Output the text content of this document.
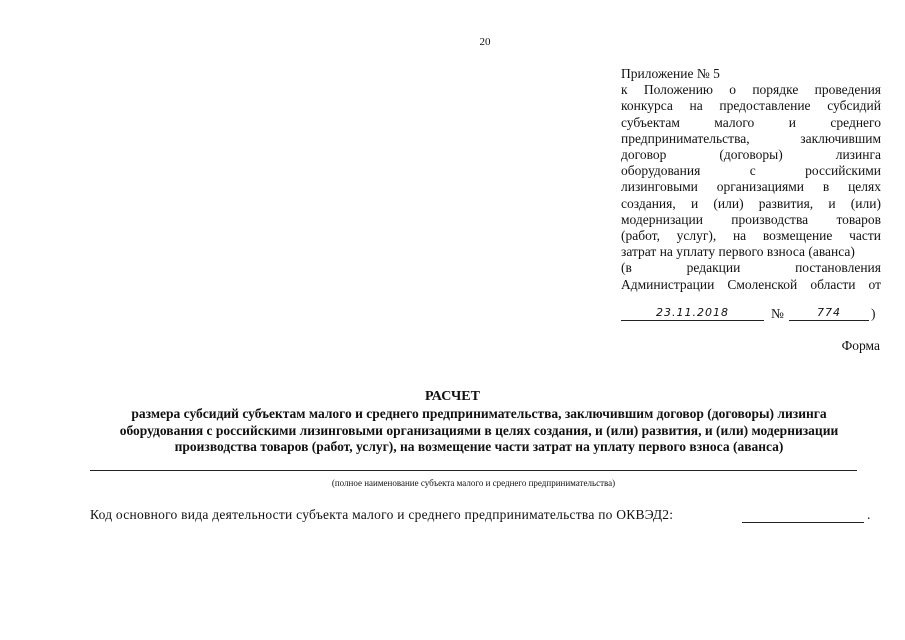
20
Приложение № 5
к Положению о порядке проведения
конкурса на предоставление субсидий
субъектам малого и среднего
предпринимательства, заключившим
договор (договоры) лизинга
оборудования с российскими
лизинговыми организациями в целях
создания, и (или) развития, и (или)
модернизации производства товаров
(работ, услуг), на возмещение части
затрат на уплату первого взноса (аванса)
(в редакции постановления
Администрации Смоленской области от
23.11.2018	№	774	)
Форма
РАСЧЕТ
размера субсидий субъектам малого и среднего предпринимательства, заключившим договор (договоры) лизинга
оборудования с российскими лизинговыми организациями в целях создания, и (или) развития, и (или) модернизации
производства товаров (работ, услуг), на возмещение части затрат на уплату первого взноса (аванса)
(полное наименование субъекта малого и среднего предпринимательства)
Код основного вида деятельности субъекта малого и среднего предпринимательства по ОКВЭД2:	.
